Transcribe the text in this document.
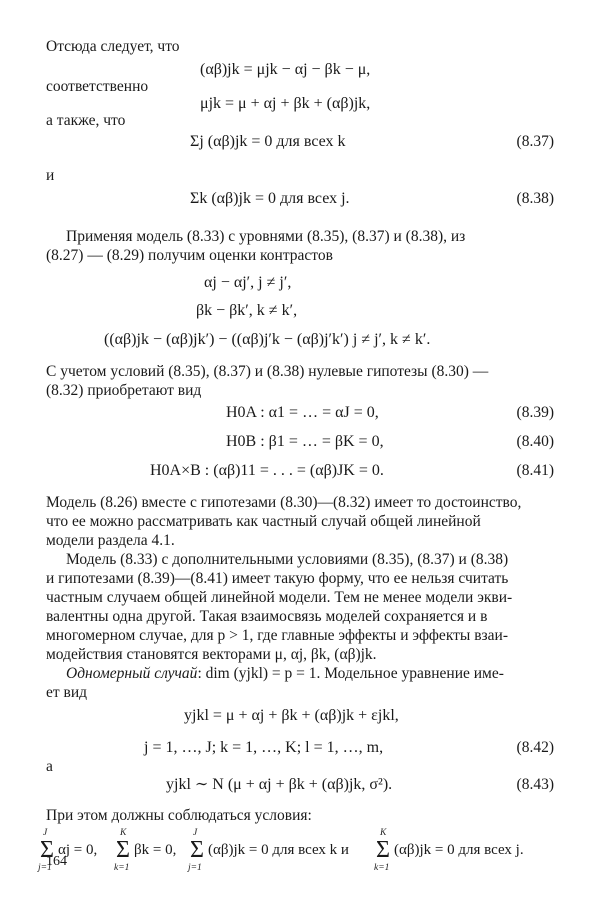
Отсюда следует, что
(αβ)jk = μjk − αj − βk − μ,
соответственно
μjk = μ + αj + βk + (αβ)jk,
а также, что
Σj (αβ)jk = 0 для всех k	(8.37)
и
Σk (αβ)jk = 0 для всех j.	(8.38)
Применяя модель (8.33) с уровнями (8.35), (8.37) и (8.38), из
(8.27) — (8.29) получим оценки контрастов
αj − αj′, j ≠ j′,
βk − βk′, k ≠ k′,
((αβ)jk − (αβ)jk′) − ((αβ)j′k − (αβ)j′k′) j ≠ j′, k ≠ k′.
С учетом условий (8.35), (8.37) и (8.38) нулевые гипотезы (8.30) —
(8.32) приобретают вид
H0A : α1 = … = αJ = 0,	(8.39)
H0B : β1 = … = βK = 0,	(8.40)
H0A×B : (αβ)11 = . . . = (αβ)JK = 0.	(8.41)
Модель (8.26) вместе с гипотезами (8.30)—(8.32) имеет то достоинство,
что ее можно рассматривать как частный случай общей линейной
модели раздела 4.1.
Модель (8.33) с дополнительными условиями (8.35), (8.37) и (8.38)
и гипотезами (8.39)—(8.41) имеет такую форму, что ее нельзя считать
частным случаем общей линейной модели. Тем не менее модели экви-
валентны одна другой. Такая взаимосвязь моделей сохраняется и в
многомерном случае, для p > 1, где главные эффекты и эффекты взаи-
модействия становятся векторами μ, αj, βk, (αβ)jk.
Одномерный случай: dim (yjkl) = p = 1. Модельное уравнение име-
ет вид
yjkl = μ + αj + βk + (αβ)jk + εjkl,
j = 1, …, J; k = 1, …, K; l = 1, …, m,	(8.42)
а
yjkl ∼ N (μ + αj + βk + (αβ)jk, σ²).	(8.43)
При этом должны соблюдаться условия:
J
Σ
j=1
αj = 0,
K
Σ
k=1
βk = 0,
J
Σ
j=1
(αβ)jk = 0 для всех k и
K
Σ
k=1
(αβ)jk = 0 для всех j.
164
